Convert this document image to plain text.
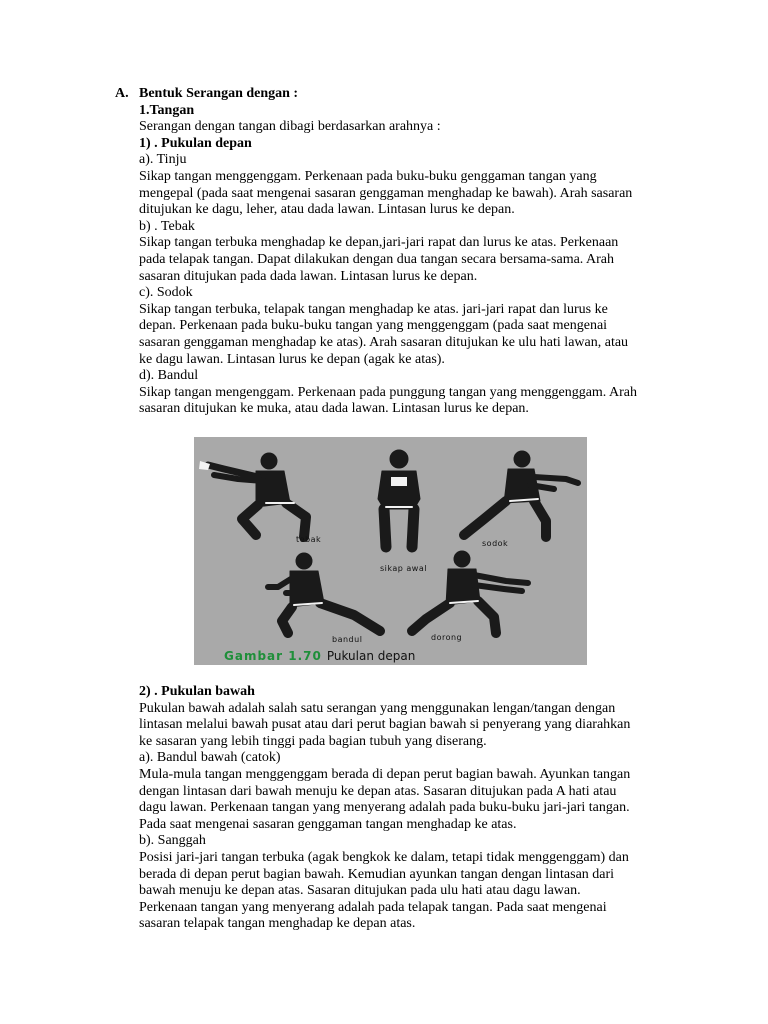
A. Bentuk Serangan dengan :

1.Tangan

Serangan dengan tangan dibagi berdasarkan arahnya :

1) . Pukulan depan

a). Tinju

Sikap tangan menggenggam. Perkenaan pada buku-buku genggaman tangan yang

mengepal (pada saat mengenai sasaran genggaman menghadap ke bawah). Arah sasaran

ditujukan ke dagu, leher, atau dada lawan. Lintasan lurus ke depan.

b) . Tebak

Sikap tangan terbuka menghadap ke depan,jari-jari rapat dan lurus ke atas. Perkenaan

pada telapak tangan. Dapat dilakukan dengan dua tangan secara bersama-sama. Arah

sasaran ditujukan pada dada lawan. Lintasan lurus ke depan.

c). Sodok

Sikap tangan terbuka, telapak tangan menghadap ke atas. jari-jari rapat dan lurus ke

depan. Perkenaan pada buku-buku tangan yang menggenggam (pada saat mengenai

sasaran genggaman menghadap ke atas). Arah sasaran ditujukan ke ulu hati lawan, atau

ke dagu lawan. Lintasan lurus ke depan (agak ke atas).

d). Bandul

Sikap tangan mengenggam. Perkenaan pada punggung tangan yang menggenggam. Arah

sasaran ditujukan ke muka, atau dada lawan. Lintasan lurus ke depan.

tebak
sikap awal
sodok
bandul	dorong
Gambar 1.70 Pukulan depan

2) . Pukulan bawah

Pukulan bawah adalah salah satu serangan yang menggunakan lengan/tangan dengan

lintasan melalui bawah pusat atau dari perut bagian bawah si penyerang yang diarahkan

ke sasaran yang lebih tinggi pada bagian tubuh yang diserang.

a). Bandul bawah (catok)

Mula-mula tangan menggenggam berada di depan perut bagian bawah. Ayunkan tangan

dengan lintasan dari bawah menuju ke depan atas. Sasaran ditujukan pada A hati atau

dagu lawan. Perkenaan tangan yang menyerang adalah pada buku-buku jari-jari tangan.

Pada saat mengenai sasaran genggaman tangan menghadap ke atas.

b). Sanggah

Posisi jari-jari tangan terbuka (agak bengkok ke dalam, tetapi tidak menggenggam) dan

berada di depan perut bagian bawah. Kemudian ayunkan tangan dengan lintasan dari

bawah menuju ke depan atas. Sasaran ditujukan pada ulu hati atau dagu lawan.

Perkenaan tangan yang menyerang adalah pada telapak tangan. Pada saat mengenai

sasaran telapak tangan menghadap ke depan atas.
